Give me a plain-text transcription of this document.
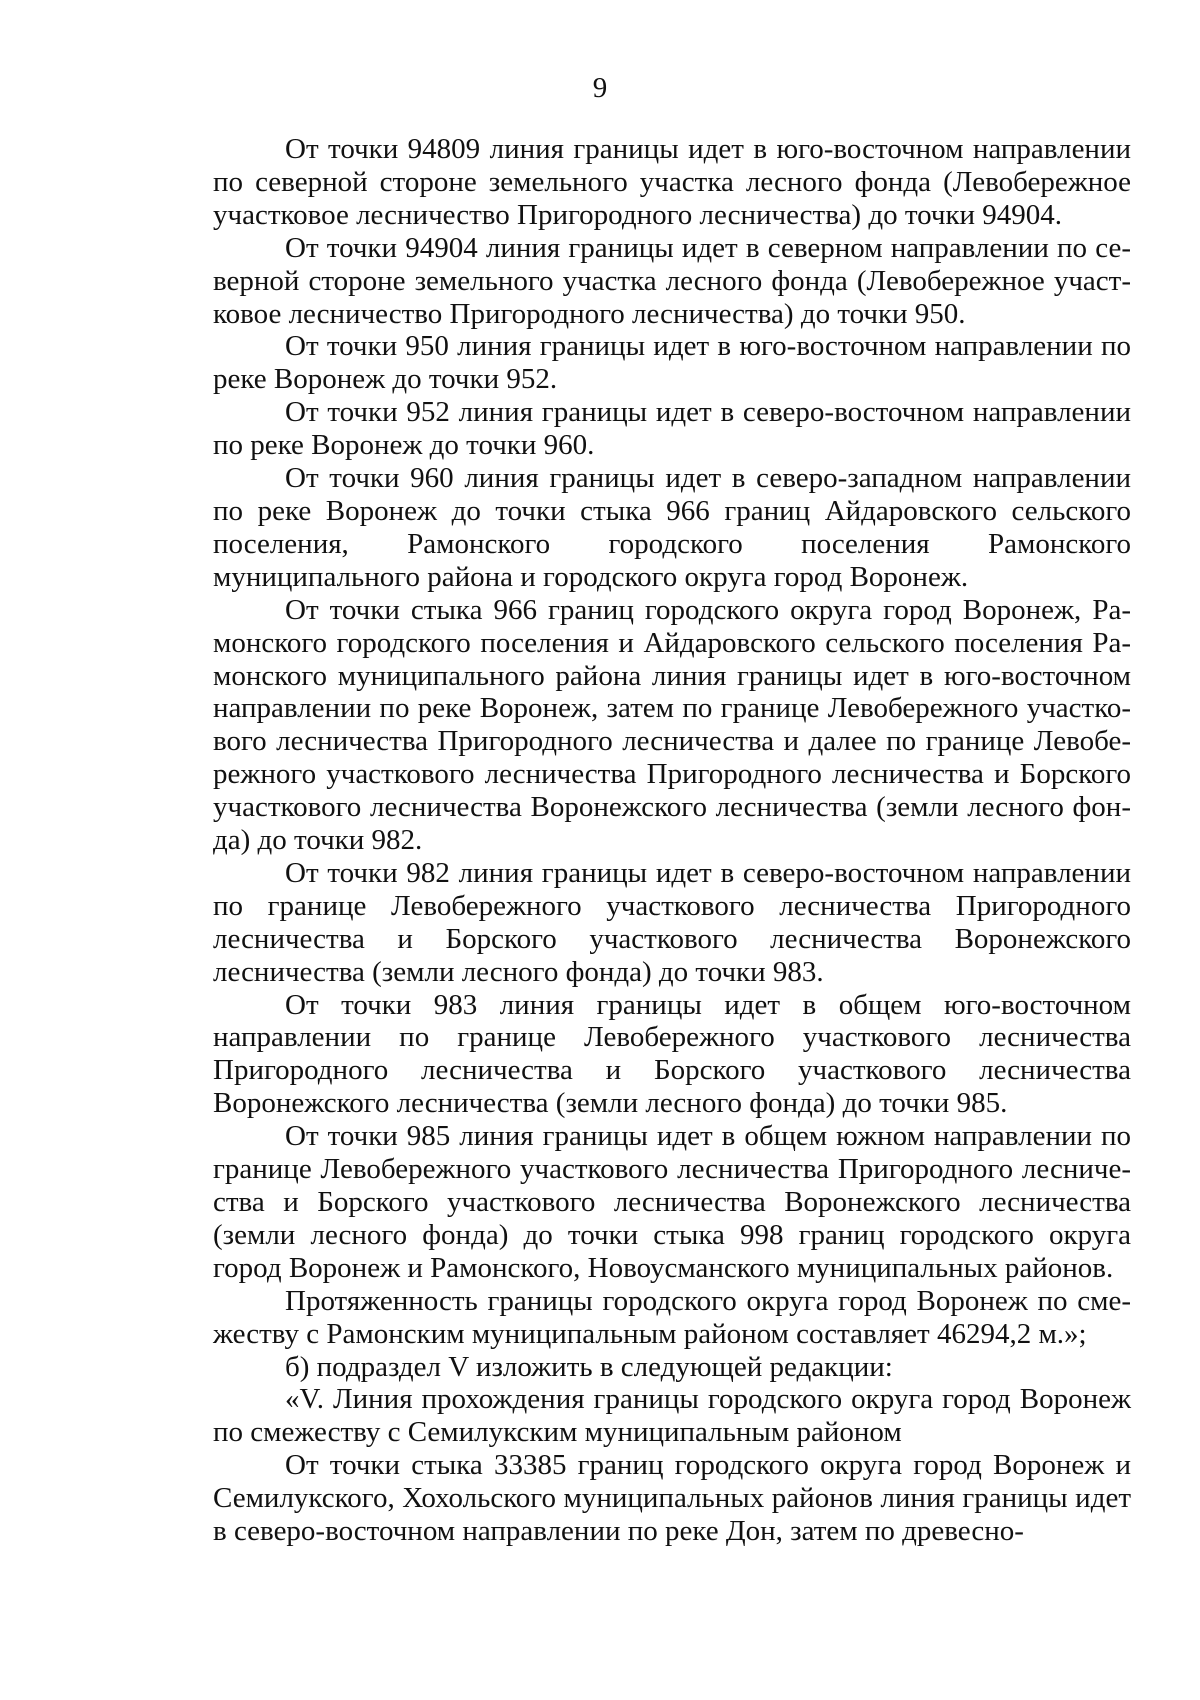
9

От точки 94809 линия границы идет в юго-восточном направлении по северной стороне земельного участка лесного фонда (Левобережное участковое лесничество Пригородного лесничества) до точки 94904.

От точки 94904 линия границы идет в северном направлении по северной стороне земельного участка лесного фонда (Левобережное участковое лесничество Пригородного лесничества) до точки 950.

От точки 950 линия границы идет в юго-восточном направлении по реке Воронеж до точки 952.

От точки 952 линия границы идет в северо-восточном направлении по реке Воронеж до точки 960.

От точки 960 линия границы идет в северо-западном направлении по реке Воронеж до точки стыка 966 границ Айдаровского сельского поселения, Рамонского городского поселения Рамонского муниципального района и городского округа город Воронеж.

От точки стыка 966 границ городского округа город Воронеж, Рамонского городского поселения и Айдаровского сельского поселения Рамонского муниципального района линия границы идет в юго-восточном направлении по реке Воронеж, затем по границе Левобережного участкового лесничества Пригородного лесничества и далее по границе Левобережного участкового лесничества Пригородного лесничества и Борского участкового лесничества Воронежского лесничества (земли лесного фонда) до точки 982.

От точки 982 линия границы идет в северо-восточном направлении по границе Левобережного участкового лесничества Пригородного лесничества и Борского участкового лесничества Воронежского лесничества (земли лесного фонда) до точки 983.

От точки 983 линия границы идет в общем юго-восточном направлении по границе Левобережного участкового лесничества Пригородного лесничества и Борского участкового лесничества Воронежского лесничества (земли лесного фонда) до точки 985.

От точки 985 линия границы идет в общем южном направлении по границе Левобережного участкового лесничества Пригородного лесничества и Борского участкового лесничества Воронежского лесничества (земли лесного фонда) до точки стыка 998 границ городского округа город Воронеж и Рамонского, Новоусманского муниципальных районов.

Протяженность границы городского округа город Воронеж по смежеству с Рамонским муниципальным районом составляет 46294,2 м.»;

б) подраздел V изложить в следующей редакции:

«V. Линия прохождения границы городского округа город Воронеж по смежеству с Семилукским муниципальным районом

От точки стыка 33385 границ городского округа город Воронеж и Семилукского, Хохольского муниципальных районов линия границы идет в северо-восточном направлении по реке Дон, затем по древесно-
